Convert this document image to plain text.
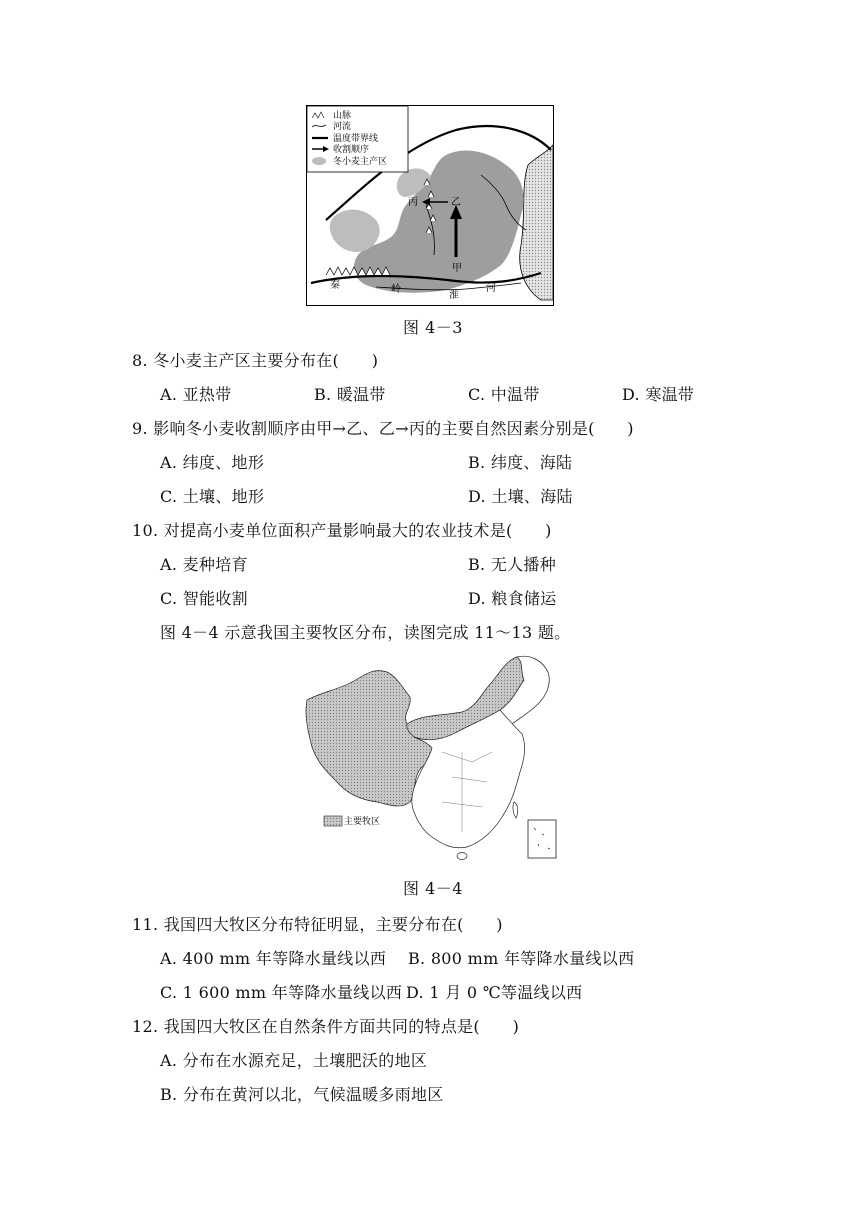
丙	乙
甲
秦	岭
淮
河
山脉
河流
温度带界线
收割顺序
冬小麦主产区
图 4－3
8. 冬小麦主产区主要分布在(　　)
A. 亚热带	B. 暖温带	C. 中温带	D. 寒温带
9. 影响冬小麦收割顺序由甲→乙、乙→丙的主要自然因素分别是(　　)
A. 纬度、地形	B. 纬度、海陆
C. 土壤、地形	D. 土壤、海陆
10. 对提高小麦单位面积产量影响最大的农业技术是(　　)
A. 麦种培育	B. 无人播种
C. 智能收割	D. 粮食储运
图 4－4 示意我国主要牧区分布，读图完成 11～13 题。
主要牧区
图 4－4
11. 我国四大牧区分布特征明显，主要分布在(　　)
A. 400 mm 年等降水量线以西 B. 800 mm 年等降水量线以西
C. 1 600 mm 年等降水量线以西 D. 1 月 0 ℃等温线以西
12. 我国四大牧区在自然条件方面共同的特点是(　　)
A. 分布在水源充足，土壤肥沃的地区
B. 分布在黄河以北，气候温暖多雨地区
